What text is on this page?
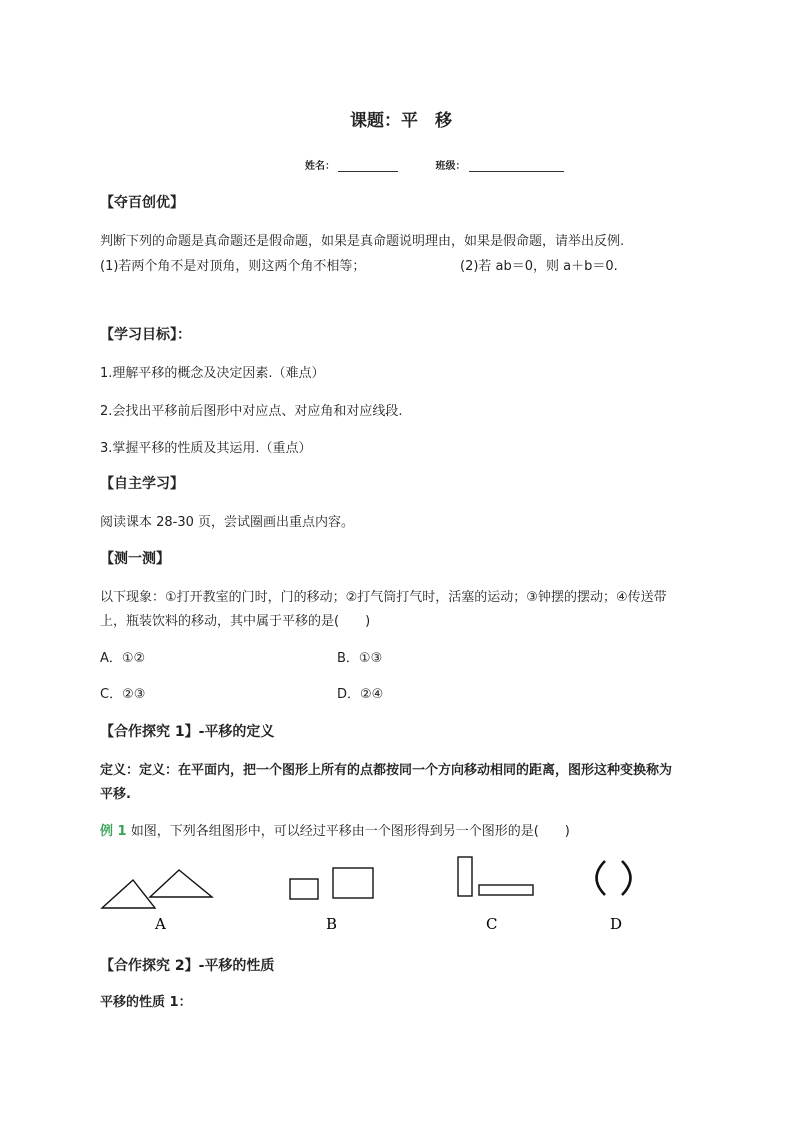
课题：平　移
姓名：	班级：
【夺百创优】
判断下列的命题是真命题还是假命题，如果是真命题说明理由，如果是假命题，请举出反例.
(1)若两个角不是对顶角，则这两个角不相等；	(2)若 ab＝0，则 a＋b＝0.
【学习目标】：
1.理解平移的概念及决定因素.（难点）
2.会找出平移前后图形中对应点、对应角和对应线段.
3.掌握平移的性质及其运用.（重点）
【自主学习】
阅读课本 28-30 页，尝试圈画出重点内容。
【测一测】
以下现象：①打开教室的门时，门的移动；②打气筒打气时，活塞的运动；③钟摆的摆动；④传送带
上，瓶装饮料的移动，其中属于平移的是(　　)
A．①②	B．①③
C．②③	D．②④
【合作探究 1】-平移的定义
定义：定义：在平面内，把一个图形上所有的点都按同一个方向移动相同的距离，图形这种变换称为
平移.
例 1 如图，下列各组图形中，可以经过平移由一个图形得到另一个图形的是(　　)
A	B	C	D
【合作探究 2】-平移的性质
平移的性质 1：
